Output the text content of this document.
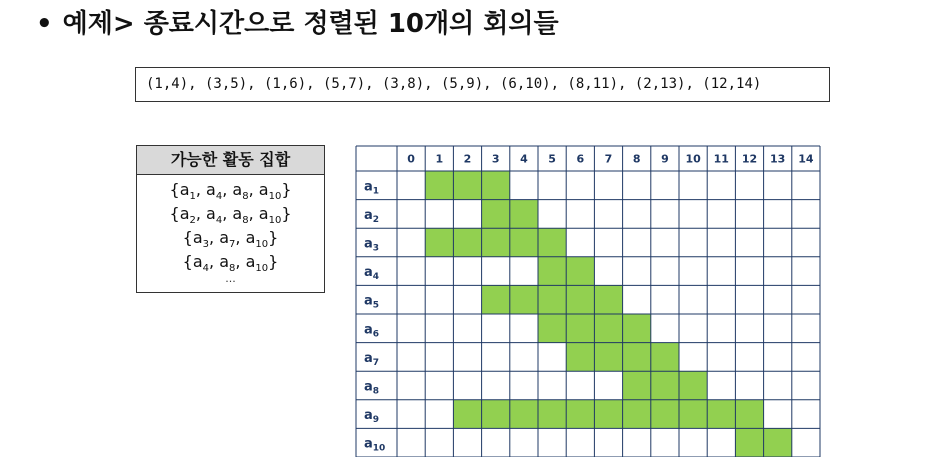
• 예제> 종료시간으로 정렬된 10개의 회의들
(1,4), (3,5), (1,6), (5,7), (3,8), (5,9), (6,10), (8,11), (2,13), (12,14)
가능한 활동 집합
{$a_1$, $a_4$, $a_8$, $a_{10}$}
{$a_2$, $a_4$, $a_8$, $a_{10}$}
{$a_3$, $a_7$, $a_{10}$}
{$a_4$, $a_8$, $a_{10}$}
...
0 1 2 3 4 5 6 7 8 9 10 11 12 13 14
$a_1$
$a_2$
$a_3$
$a_4$
$a_5$
$a_6$
$a_7$
$a_8$
$a_9$
$a_{10}$
